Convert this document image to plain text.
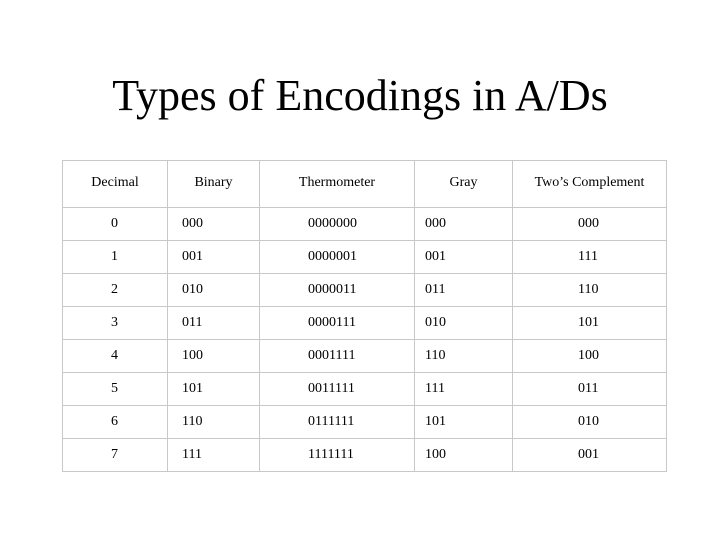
Types of Encodings in A/Ds
Decimal	Binary	Thermometer	Gray	Two’s Complement
0	000	0000000	000	000
1	001	0000001	001	111
2	010	0000011	011	110
3	011	0000111	010	101
4	100	0001111	110	100
5	101	0011111	111	011
6	110	0111111	101	010
7	111	1111111	100	001
